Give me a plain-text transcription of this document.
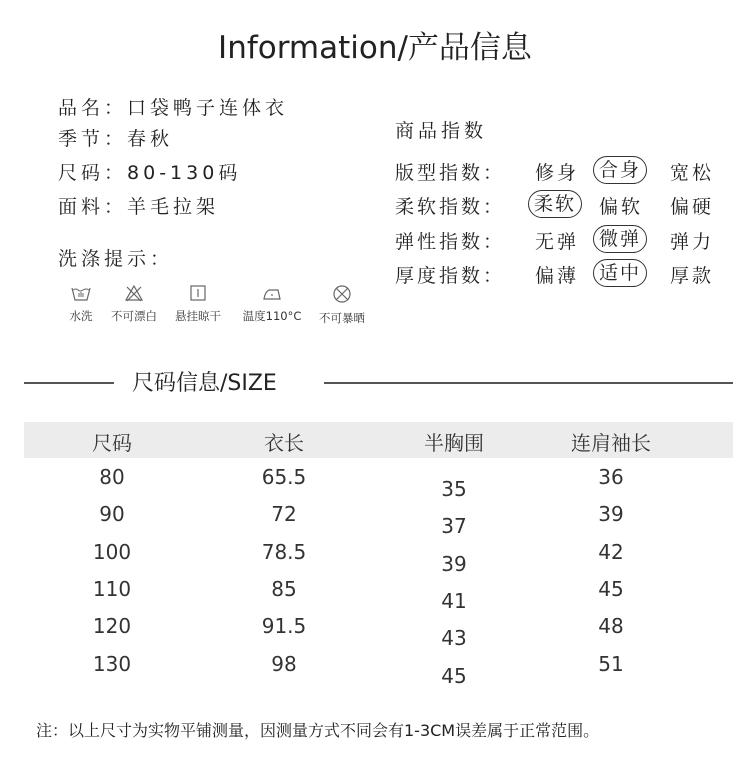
Information/产品信息
品名：口袋鸭子连体衣
季节：春秋
尺码：80-130码
面料：羊毛拉架
商品指数
版型指数： 修身	合身	宽松
柔软指数：	柔软	偏软 偏硬
弹性指数： 无弹	微弹	弹力
厚度指数： 偏薄	适中	厚款
洗涤提示：
水洗	不可漂白	悬挂晾干	温度110°C	不可暴晒
尺码信息/SIZE
尺码	衣长	半胸围	连肩袖长
80	65.5	35	36
90	72	37	39
100	78.5	39	42
110	85	41	45
120	91.5	43	48
130	98	45	51
注：以上尺寸为实物平铺测量，因测量方式不同会有1-3CM误差属于正常范围。
